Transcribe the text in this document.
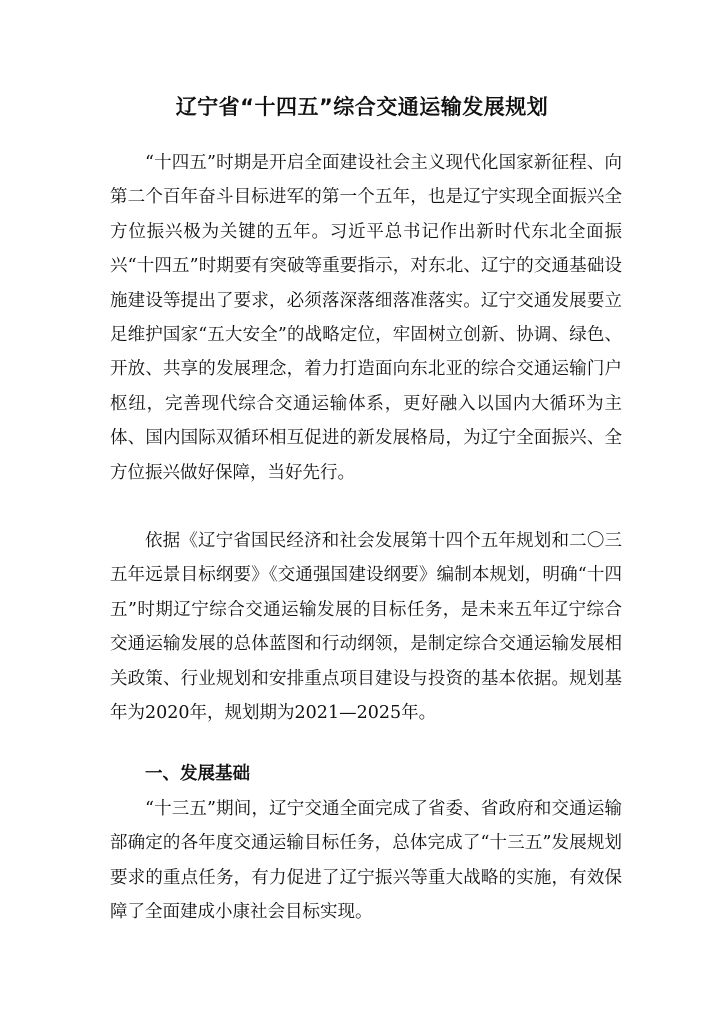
辽宁省“十四五”综合交通运输发展规划

“十四五”时期是开启全面建设社会主义现代化国家新征程、向第二个百年奋斗目标进军的第一个五年，也是辽宁实现全面振兴全方位振兴极为关键的五年。习近平总书记作出新时代东北全面振兴“十四五”时期要有突破等重要指示，对东北、辽宁的交通基础设施建设等提出了要求，必须落深落细落准落实。辽宁交通发展要立足维护国家“五大安全”的战略定位，牢固树立创新、协调、绿色、开放、共享的发展理念，着力打造面向东北亚的综合交通运输门户枢纽，完善现代综合交通运输体系，更好融入以国内大循环为主体、国内国际双循环相互促进的新发展格局，为辽宁全面振兴、全方位振兴做好保障，当好先行。

依据《辽宁省国民经济和社会发展第十四个五年规划和二〇三五年远景目标纲要》《交通强国建设纲要》编制本规划，明确“十四五”时期辽宁综合交通运输发展的目标任务，是未来五年辽宁综合交通运输发展的总体蓝图和行动纲领，是制定综合交通运输发展相关政策、行业规划和安排重点项目建设与投资的基本依据。规划基年为2020年，规划期为2021—2025年。

一、发展基础

“十三五”期间，辽宁交通全面完成了省委、省政府和交通运输部确定的各年度交通运输目标任务，总体完成了“十三五”发展规划要求的重点任务，有力促进了辽宁振兴等重大战略的实施，有效保障了全面建成小康社会目标实现。
